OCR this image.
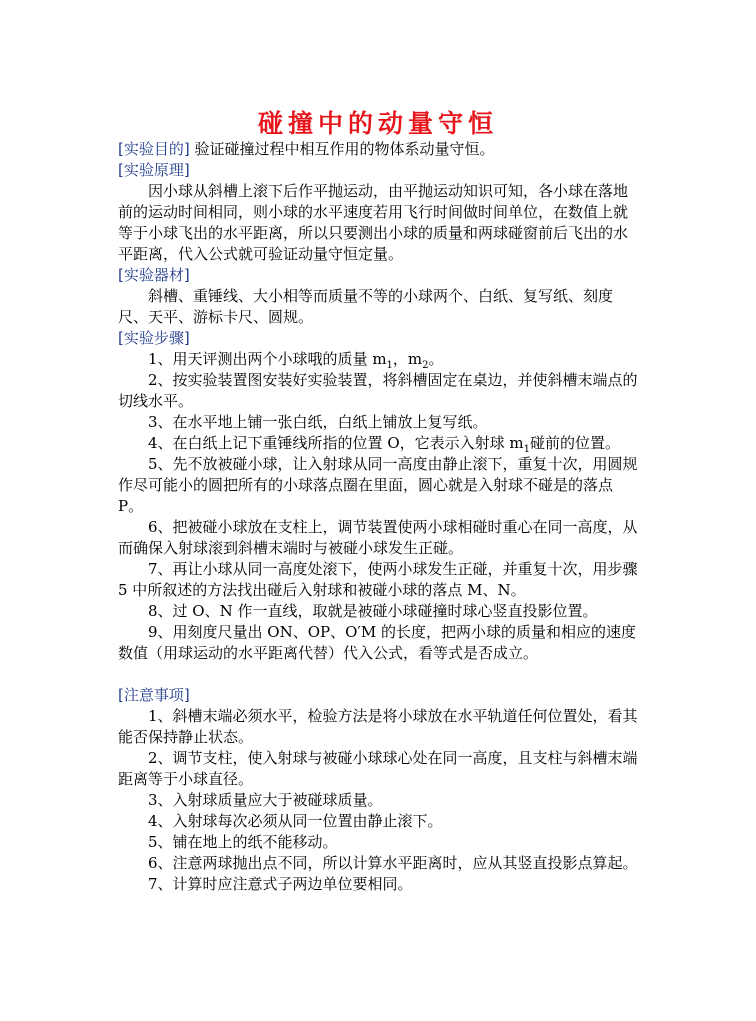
碰撞中的动量守恒

[实验目的] 验证碰撞过程中相互作用的物体系动量守恒。

[实验原理]

因小球从斜槽上滚下后作平抛运动，由平抛运动知识可知，各小球在落地前的运动时间相同，则小球的水平速度若用飞行时间做时间单位，在数值上就等于小球飞出的水平距离，所以只要测出小球的质量和两球碰窗前后飞出的水平距离，代入公式就可验证动量守恒定量。

[实验器材]

斜槽、重锤线、大小相等而质量不等的小球两个、白纸、复写纸、刻度尺、天平、游标卡尺、圆规。

[实验步骤]

1、用天评测出两个小球哦的质量 $m_1$，$m_2$。

2、按实验装置图安装好实验装置，将斜槽固定在桌边，并使斜槽末端点的切线水平。

3、在水平地上铺一张白纸，白纸上铺放上复写纸。

4、在白纸上记下重锤线所指的位置 O，它表示入射球 $m_1$碰前的位置。

5、先不放被碰小球，让入射球从同一高度由静止滚下，重复十次，用圆规作尽可能小的圆把所有的小球落点圈在里面，圆心就是入射球不碰是的落点 P。

6、把被碰小球放在支柱上，调节装置使两小球相碰时重心在同一高度，从而确保入射球滚到斜槽末端时与被碰小球发生正碰。

7、再让小球从同一高度处滚下，使两小球发生正碰，并重复十次，用步骤 5 中所叙述的方法找出碰后入射球和被碰小球的落点 M、N。

8、过 O、N 作一直线，取就是被碰小球碰撞时球心竖直投影位置。

9、用刻度尺量出 ON、OP、O′M 的长度，把两小球的质量和相应的速度数值（用球运动的水平距离代替）代入公式，看等式是否成立。

[注意事项]

1、斜槽末端必须水平，检验方法是将小球放在水平轨道任何位置处，看其能否保持静止状态。

2、调节支柱，使入射球与被碰小球球心处在同一高度，且支柱与斜槽末端距离等于小球直径。

3、入射球质量应大于被碰球质量。

4、入射球每次必须从同一位置由静止滚下。

5、铺在地上的纸不能移动。

6、注意两球抛出点不同，所以计算水平距离时，应从其竖直投影点算起。

7、计算时应注意式子两边单位要相同。
